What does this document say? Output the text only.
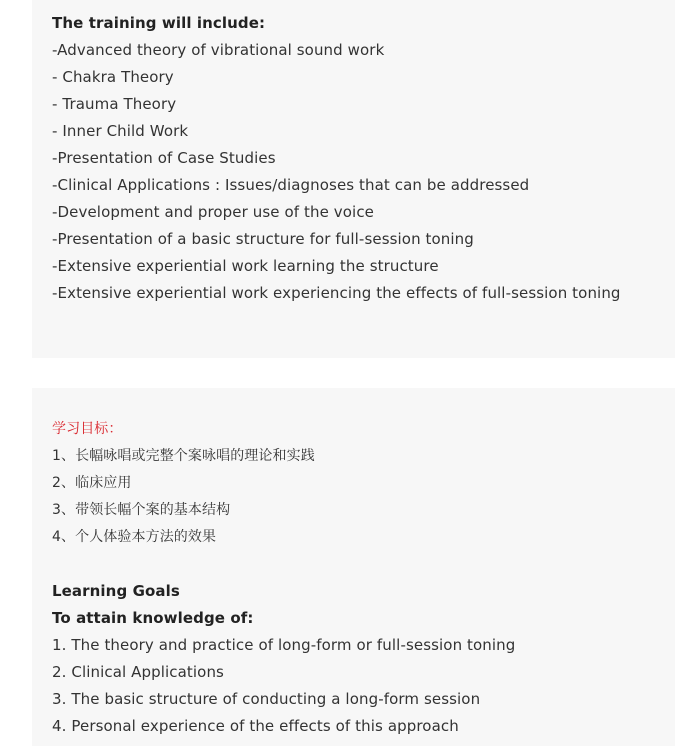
The training will include:

-Advanced theory of vibrational sound work

- Chakra Theory

- Trauma Theory

- Inner Child Work

-Presentation of Case Studies

-Clinical Applications : Issues/diagnoses that can be addressed

-Development and proper use of the voice

-Presentation of a basic structure for full-session toning

-Extensive experiential work learning the structure

-Extensive experiential work experiencing the effects of full-session toning

学习目标：

1、长幅咏唱或完整个案咏唱的理论和实践

2、临床应用

3、带领长幅个案的基本结构

4、个人体验本方法的效果

Learning Goals

To attain knowledge of:

1. The theory and practice of long-form or full-session toning

2. Clinical Applications

3. The basic structure of conducting a long-form session

4. Personal experience of the effects of this approach
